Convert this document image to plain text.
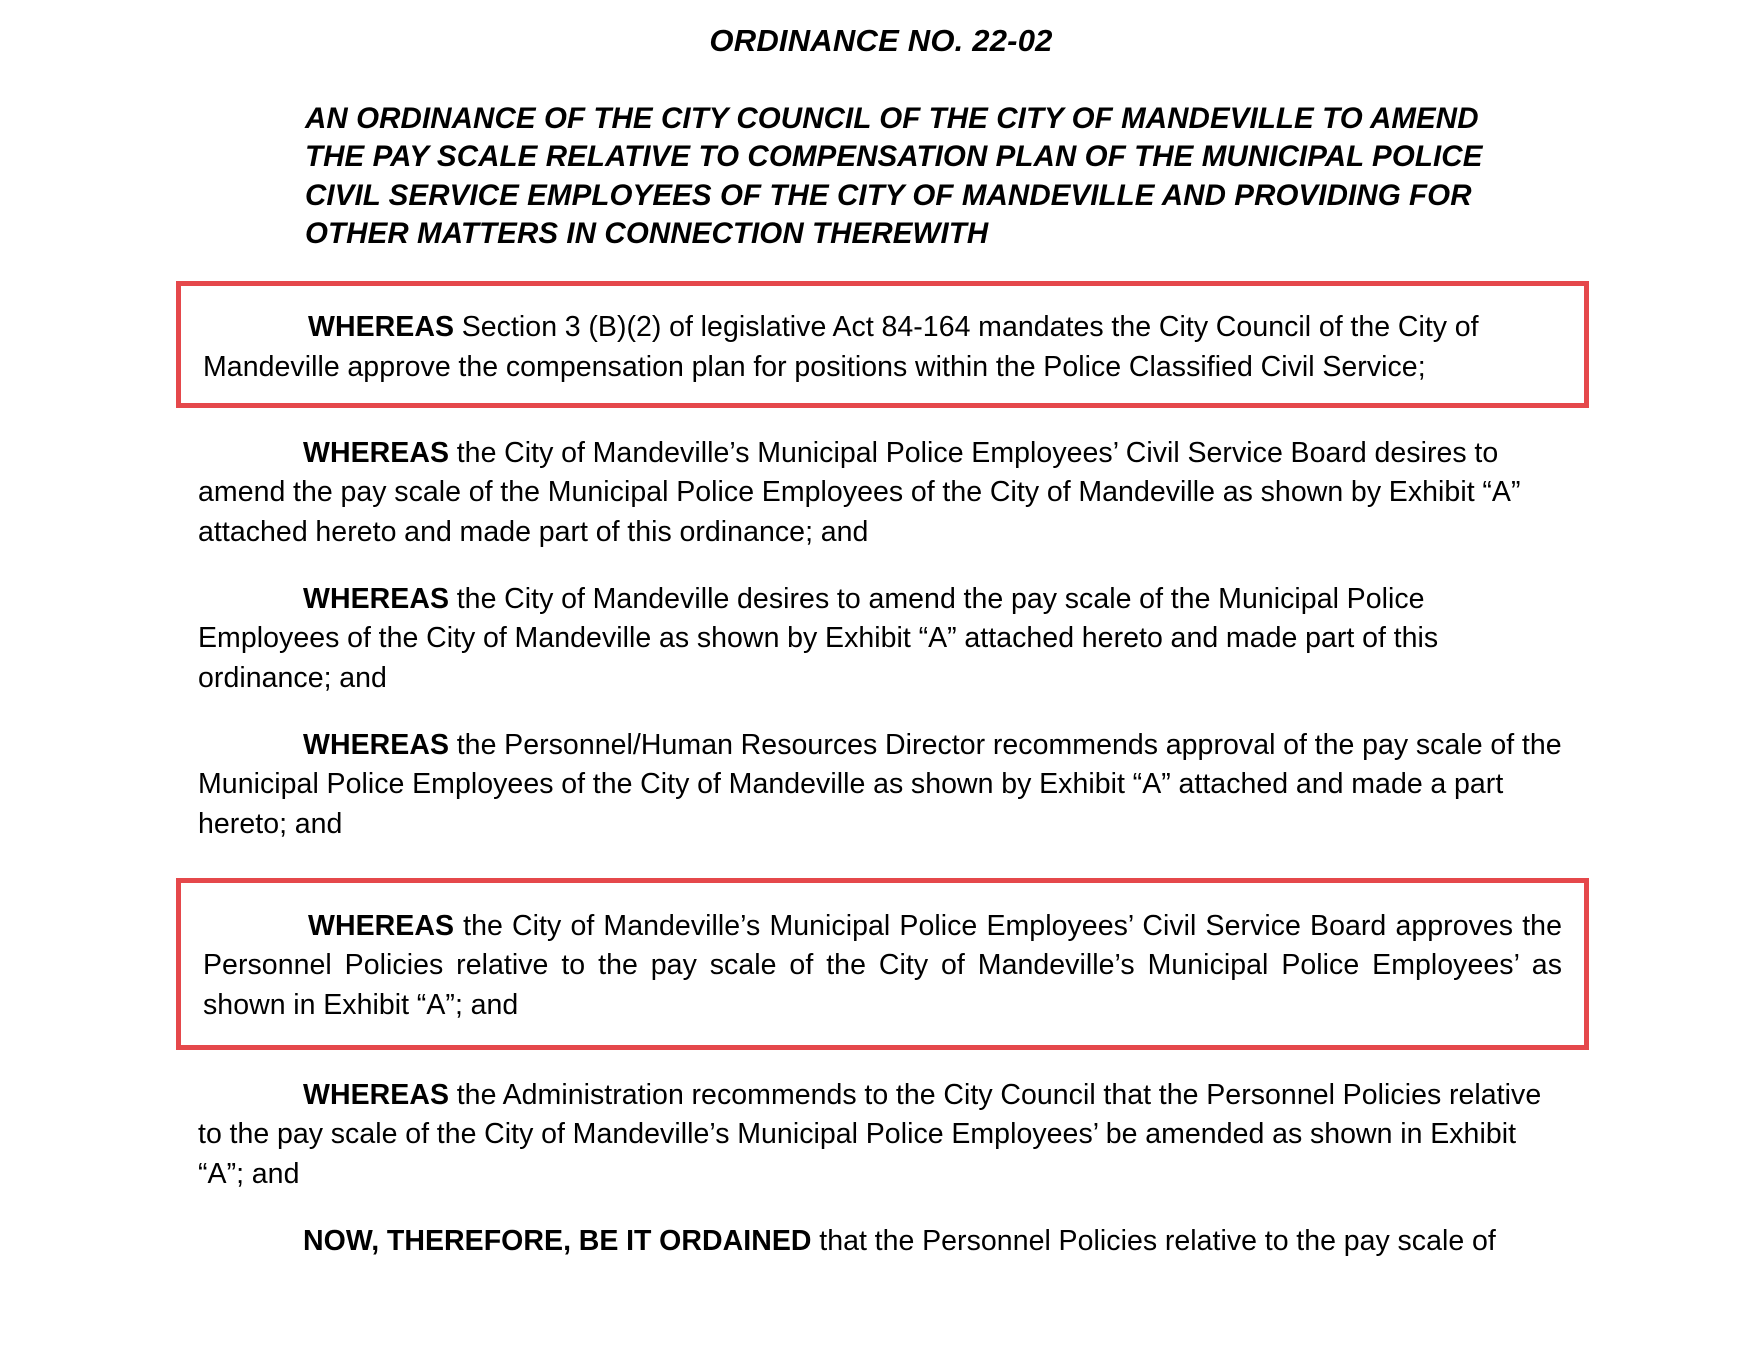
ORDINANCE NO. 22-02
AN ORDINANCE OF THE CITY COUNCIL OF THE CITY OF MANDEVILLE TO AMEND
THE PAY SCALE RELATIVE TO COMPENSATION PLAN OF THE MUNICIPAL POLICE
CIVIL SERVICE EMPLOYEES OF THE CITY OF MANDEVILLE AND PROVIDING FOR
OTHER MATTERS IN CONNECTION THEREWITH

WHEREAS Section 3 (B)(2) of legislative Act 84-164 mandates the City Council of the City of Mandeville approve the compensation plan for positions within the Police Classified Civil Service;

WHEREAS the City of Mandeville’s Municipal Police Employees’ Civil Service Board desires to amend the pay scale of the Municipal Police Employees of the City of Mandeville as shown by Exhibit “A” attached hereto and made part of this ordinance; and

WHEREAS the City of Mandeville desires to amend the pay scale of the Municipal Police Employees of the City of Mandeville as shown by Exhibit “A” attached hereto and made part of this ordinance; and

WHEREAS the Personnel/Human Resources Director recommends approval of the pay scale of the Municipal Police Employees of the City of Mandeville as shown by Exhibit “A” attached and made a part hereto; and

WHEREAS the City of Mandeville’s Municipal Police Employees’ Civil Service Board approves the Personnel Policies relative to the pay scale of the City of Mandeville’s Municipal Police Employees’ as shown in Exhibit “A”; and

WHEREAS the Administration recommends to the City Council that the Personnel Policies relative to the pay scale of the City of Mandeville’s Municipal Police Employees’ be amended as shown in Exhibit “A”; and

NOW, THEREFORE, BE IT ORDAINED that the Personnel Policies relative to the pay scale of
